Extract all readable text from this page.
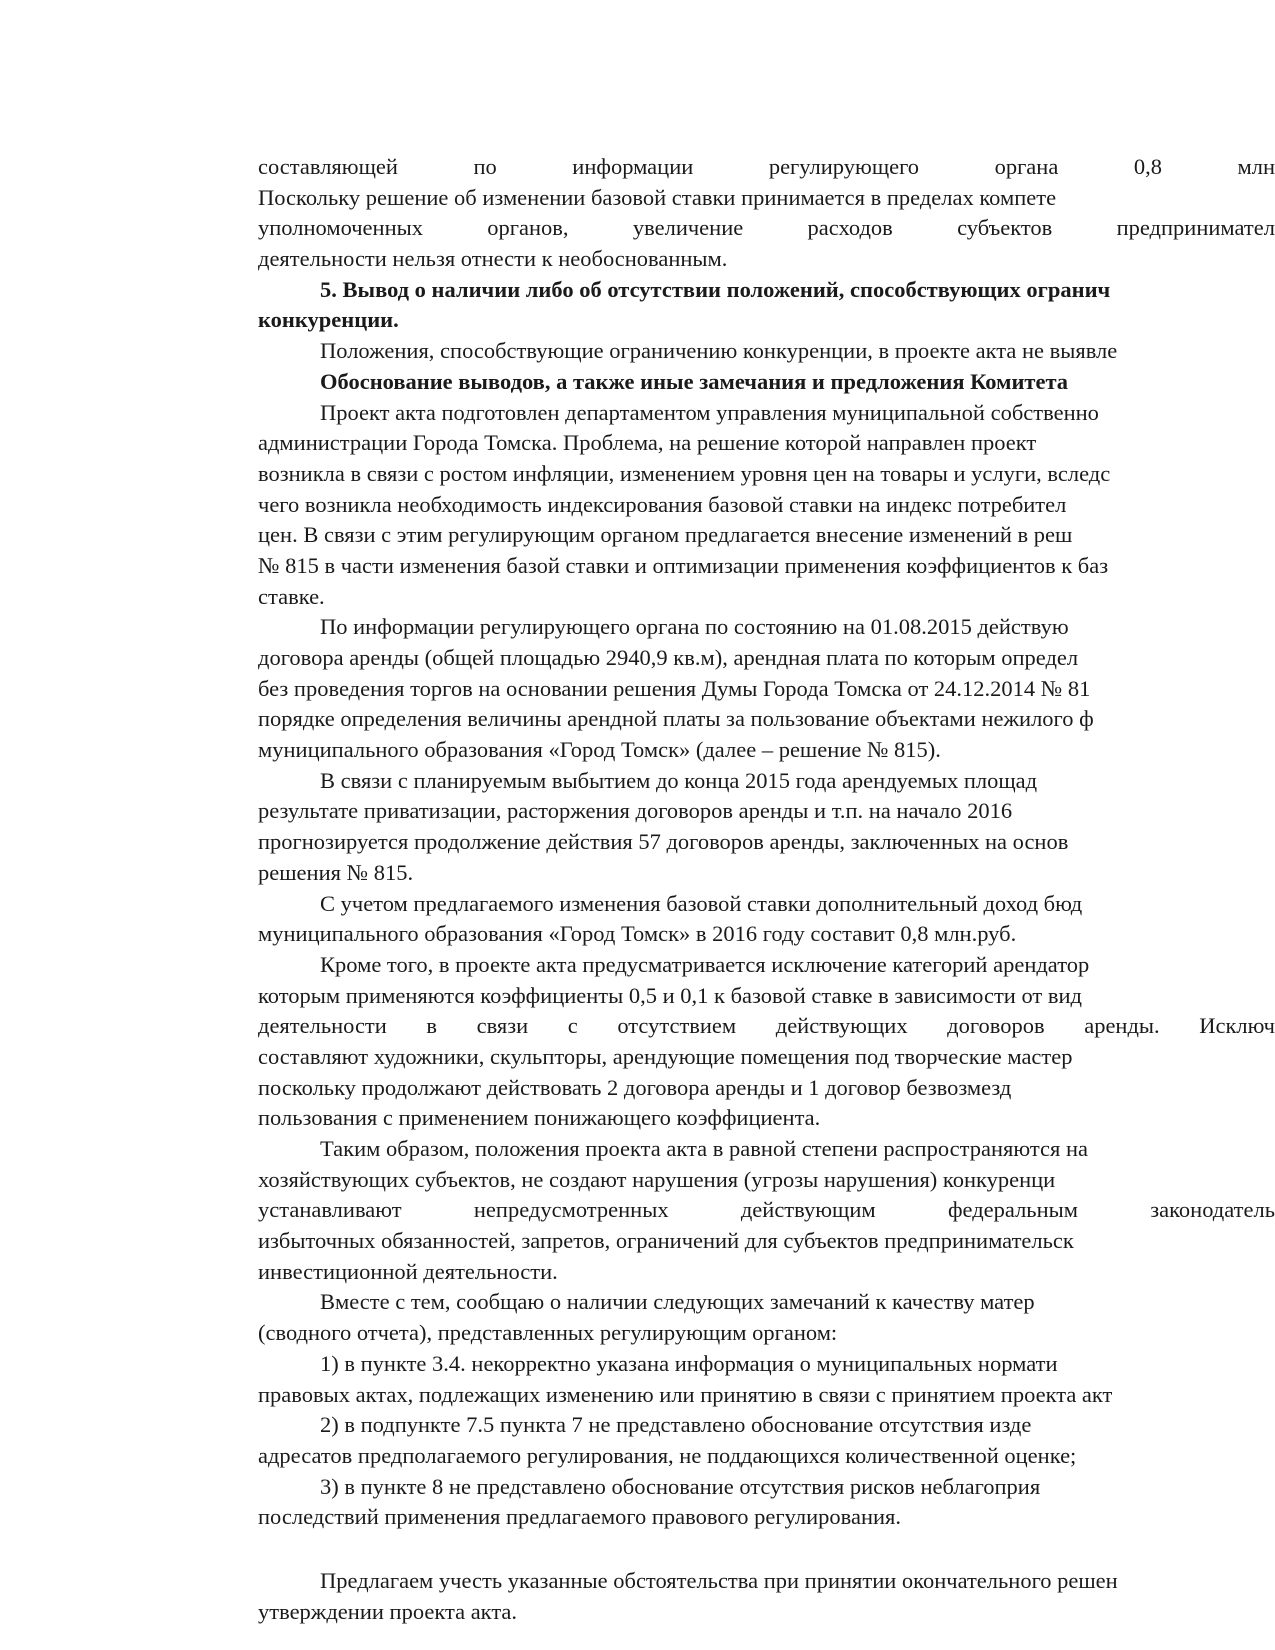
составляющей	по	информации	регулирующего	органа	0,8	млн
Поскольку решение об изменении базовой ставки принимается в пределах компете
уполномоченных	органов,	увеличение	расходов	субъектов	предпринимател
деятельности нельзя отнести к необоснованным.
5. Вывод о наличии либо об отсутствии положений, способствующих огранич
конкуренции.
Положения, способствующие ограничению конкуренции, в проекте акта не выявле
Обоснование выводов, а также иные замечания и предложения Комитета
Проект акта подготовлен департаментом управления муниципальной собственно
администрации Города Томска. Проблема, на решение которой направлен проект
возникла в связи с ростом инфляции, изменением уровня цен на товары и услуги, вследс
чего возникла необходимость индексирования базовой ставки на индекс потребител
цен. В связи с этим регулирующим органом предлагается внесение изменений в реш
№ 815 в части изменения базой ставки и оптимизации применения коэффициентов к баз
ставке.
По информации регулирующего органа по состоянию на 01.08.2015 действую
договора аренды (общей площадью 2940,9 кв.м), арендная плата по которым определ
без проведения торгов на основании решения Думы Города Томска от 24.12.2014 № 81
порядке определения величины арендной платы за пользование объектами нежилого ф
муниципального образования «Город Томск» (далее – решение № 815).
В связи с планируемым выбытием до конца 2015 года арендуемых площад
результате приватизации, расторжения договоров аренды и т.п. на начало 2016
прогнозируется продолжение действия 57 договоров аренды, заключенных на основ
решения № 815.
С учетом предлагаемого изменения базовой ставки дополнительный доход бюд
муниципального образования «Город Томск» в 2016 году составит 0,8 млн.руб.
Кроме того, в проекте акта предусматривается исключение категорий арендатор
которым применяются коэффициенты 0,5 и 0,1 к базовой ставке в зависимости от вид
деятельности в связи с отсутствием действующих договоров аренды. Исключ
составляют художники, скульпторы, арендующие помещения под творческие мастер
поскольку продолжают действовать 2 договора аренды и 1 договор безвозмезд
пользования с применением понижающего коэффициента.
Таким образом, положения проекта акта в равной степени распространяются на
хозяйствующих субъектов, не создают нарушения (угрозы нарушения) конкуренци
устанавливают	непредусмотренных	действующим	федеральным	законодатель
избыточных обязанностей, запретов, ограничений для субъектов предпринимательск
инвестиционной деятельности.
Вместе с тем, сообщаю о наличии следующих замечаний к качеству матер
(сводного отчета), представленных регулирующим органом:
1) в пункте 3.4. некорректно указана информация о муниципальных нормати
правовых актах, подлежащих изменению или принятию в связи с принятием проекта акт
2) в подпункте 7.5 пункта 7 не представлено обоснование отсутствия изде
адресатов предполагаемого регулирования, не поддающихся количественной оценке;
3) в пункте 8 не представлено обоснование отсутствия рисков неблагоприя
последствий применения предлагаемого правового регулирования.
Предлагаем учесть указанные обстоятельства при принятии окончательного решен
утверждении проекта акта.
